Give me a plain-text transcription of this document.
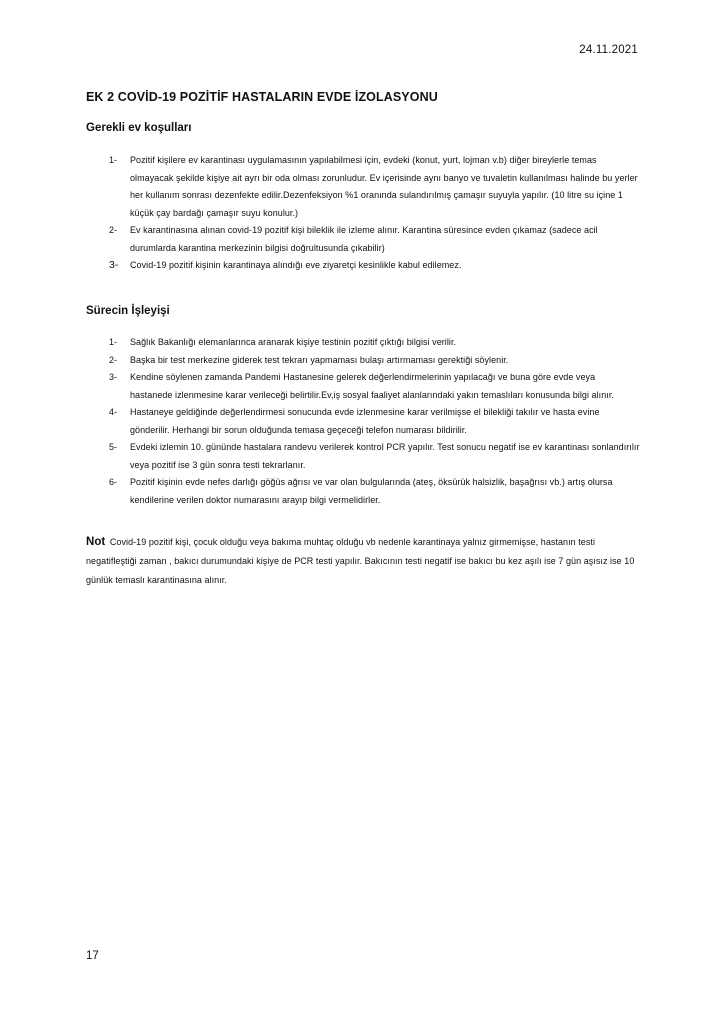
24.11.2021
EK 2 COVİD-19 POZİTİF HASTALARIN EVDE İZOLASYONU
Gerekli ev koşulları
1- Pozitif kişilere ev karantinası uygulamasının yapılabilmesi için, evdeki (konut, yurt, lojman v.b) diğer bireylerle temas olmayacak şekilde kişiye ait ayrı bir oda olması zorunludur. Ev içerisinde aynı banyo ve tuvaletin kullanılması halinde bu yerler her kullanım sonrası dezenfekte edilir.Dezenfeksiyon %1 oranında sulandırılmış çamaşır suyuyla yapılır. (10 litre su içine 1 küçük çay bardağı çamaşır suyu konulur.)
2- Ev karantinasına alınan covid-19 pozitif kişi bileklik ile izleme alınır. Karantina süresince evden çıkamaz (sadece acil durumlarda karantina merkezinin bilgisi doğrultusunda çıkabilir)
3- Covid-19 pozitif kişinin karantinaya alındığı eve ziyaretçi kesinlikle kabul edilemez.
Sürecin İşleyişi
1- Sağlık Bakanlığı elemanlarınca aranarak kişiye testinin pozitif çıktığı bilgisi verilir.
2- Başka bir test merkezine giderek test tekrarı yapmaması bulaşı artırmaması gerektiği söylenir.
3- Kendine söylenen zamanda Pandemi Hastanesine gelerek değerlendirmelerinin yapılacağı ve buna göre evde veya hastanede izlenmesine karar verileceği belirtilir.Ev,iş sosyal faaliyet alanlarındaki yakın temaslıları konusunda bilgi alınır.
4- Hastaneye geldiğinde değerlendirmesi sonucunda evde izlenmesine karar verilmişse el bilekliği takılır ve hasta evine gönderilir. Herhangi bir sorun olduğunda temasa geçeceği telefon numarası bildirilir.
5- Evdeki izlemin 10. gününde hastalara randevu verilerek kontrol PCR yapılır. Test sonucu negatif ise ev karantinası sonlandırılır veya pozitif ise 3 gün sonra testi tekrarlanır.
6- Pozitif kişinin evde nefes darlığı göğüs ağrısı ve var olan bulgularında (ateş, öksürük halsizlik, başağrısı vb.) artış olursa kendilerine verilen doktor numarasını arayıp bilgi vermelidirler.
Not Covid-19 pozitif kişi, çocuk olduğu veya bakıma muhtaç olduğu vb nedenle karantinaya yalnız girmemişse, hastanın testi negatifleştiği zaman , bakıcı durumundaki kişiye de PCR testi yapılır. Bakıcının testi negatif ise bakıcı bu kez aşılı ise 7 gün aşısız ise 10 günlük temaslı karantinasına alınır.
17
